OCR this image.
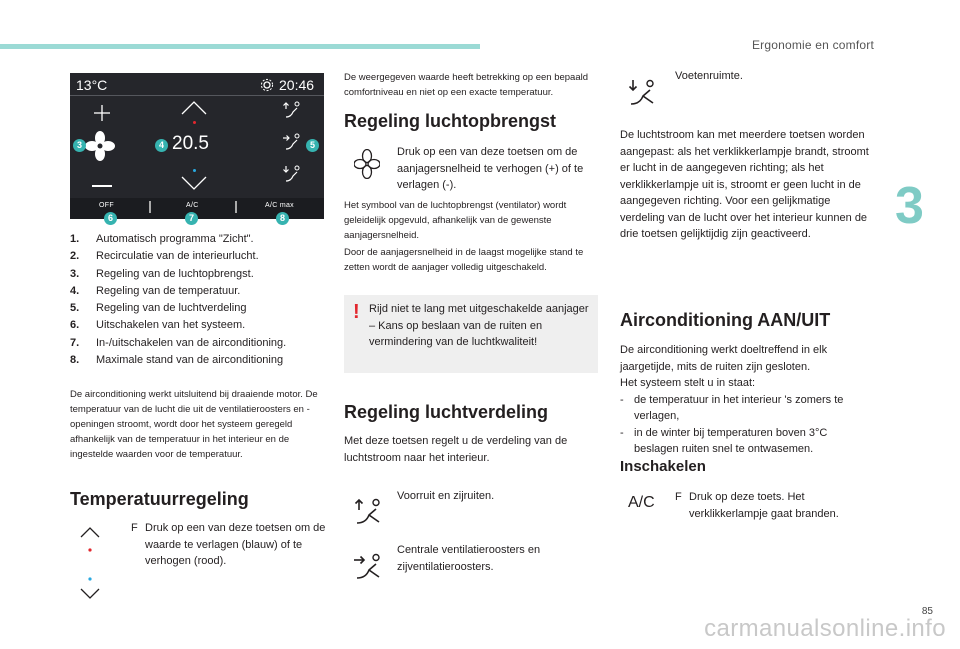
Ergonomie en comfort
3
13°C	20:46
20.5
OFF	A/C	A/C max
3	4	5
6	7	8
1.	Automatisch programma "Zicht".
2.	Recirculatie van de interieurlucht.
3.	Regeling van de luchtopbrengst.
4.	Regeling van de temperatuur.
5.	Regeling van de luchtverdeling
6.	Uitschakelen van het systeem.
7.	In-/uitschakelen van de airconditioning.
8.	Maximale stand van de airconditioning
De airconditioning werkt uitsluitend bij draaiende motor. De temperatuur van de lucht die uit de ventilatieroosters en -openingen stroomt, wordt door het systeem geregeld afhankelijk van de temperatuur in het interieur en de ingestelde waarden voor de temperatuur.
Temperatuurregeling
F Druk op een van deze toetsen om de waarde te verlagen (blauw) of te verhogen (rood).
De weergegeven waarde heeft betrekking op een bepaald comfortniveau en niet op een exacte temperatuur.
Regeling luchtopbrengst
Druk op een van deze toetsen om de aanjagersnelheid te verhogen (+) of te verlagen (-).
Het symbool van de luchtopbrengst (ventilator) wordt geleidelijk opgevuld, afhankelijk van de gewenste aanjagersnelheid.
Door de aanjagersnelheid in de laagst mogelijke stand te zetten wordt de aanjager volledig uitgeschakeld.
! Rijd niet te lang met uitgeschakelde aanjager – Kans op beslaan van de ruiten en vermindering van de luchtkwaliteit!
Regeling luchtverdeling
Met deze toetsen regelt u de verdeling van de luchtstroom naar het interieur.
Voorruit en zijruiten.
Centrale ventilatieroosters en zijventilatieroosters.
Voetenruimte.
De luchtstroom kan met meerdere toetsen worden aangepast: als het verklikkerlampje brandt, stroomt er lucht in de aangegeven richting; als het verklikkerlampje uit is, stroomt er geen lucht in de aangegeven richting. Voor een gelijkmatige verdeling van de lucht over het interieur kunnen de drie toetsen gelijktijdig zijn geactiveerd.
Airconditioning AAN/UIT
De airconditioning werkt doeltreffend in elk jaargetijde, mits de ruiten zijn gesloten.
Het systeem stelt u in staat:
- de temperatuur in het interieur 's zomers te verlagen,
- in de winter bij temperaturen boven 3°C beslagen ruiten snel te ontwasemen.
Inschakelen
A/C F Druk op deze toets. Het verklikkerlampje gaat branden.
85
carmanualsonline.info
